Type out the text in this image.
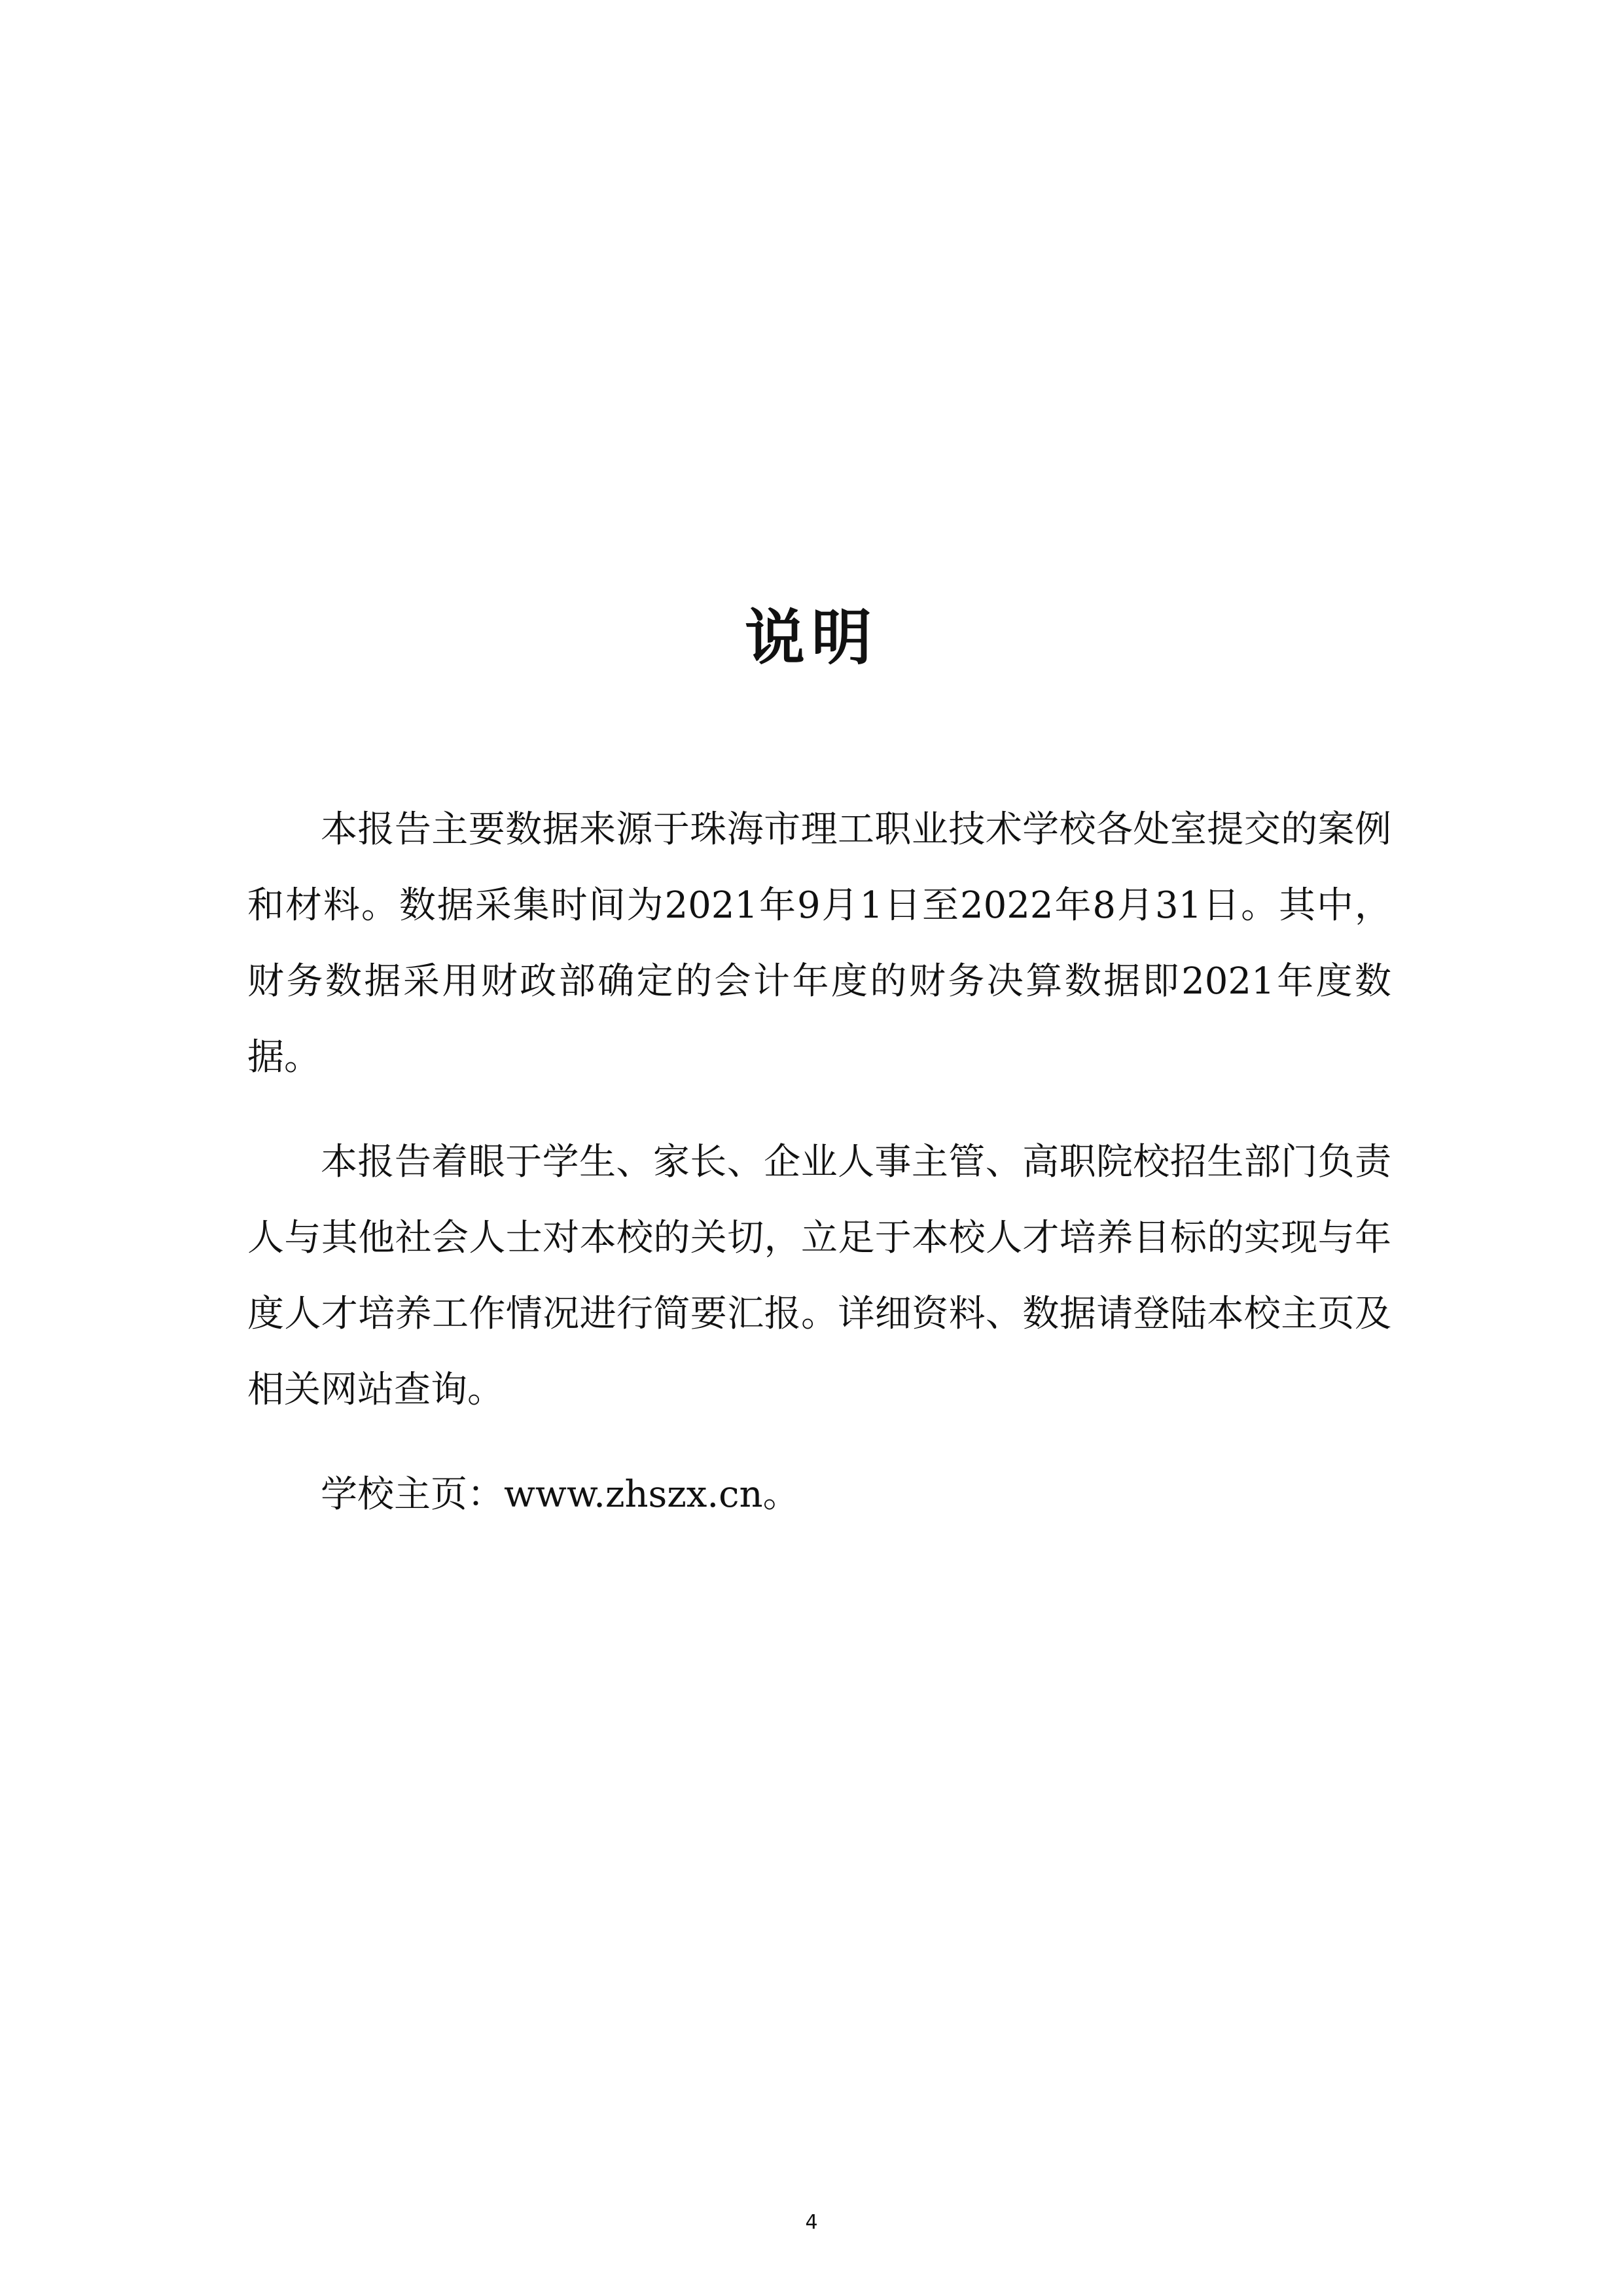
说明

本报告主要数据来源于珠海市理工职业技术学校各处室提交的案例和材料。数据采集时间为2021年9月1日至2022年8月31日。其中，财务数据采用财政部确定的会计年度的财务决算数据即2021年度数据。

本报告着眼于学生、家长、企业人事主管、高职院校招生部门负责人与其他社会人士对本校的关切，立足于本校人才培养目标的实现与年度人才培养工作情况进行简要汇报。详细资料、数据请登陆本校主页及相关网站查询。

学校主页：www.zhszx.cn。

4
